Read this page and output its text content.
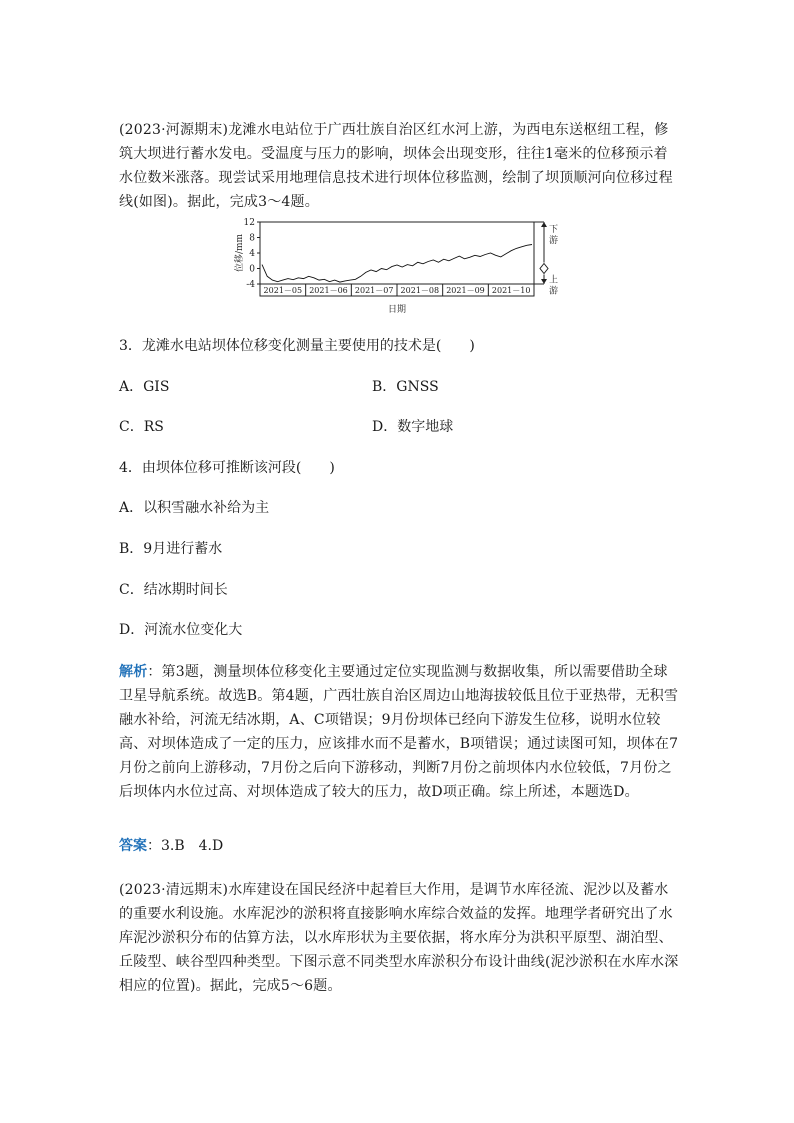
(2023·河源期末)龙滩水电站位于广西壮族自治区红水河上游，为西电东送枢纽工程，修筑大坝进行蓄水发电。受温度与压力的影响，坝体会出现变形，往往1毫米的位移预示着水位数米涨落。现尝试采用地理信息技术进行坝体位移监测，绘制了坝顶顺河向位移过程线(如图)。据此，完成3～4题。

12
8
4
0
-4
位移/mm
2021－05 2021－06 2021－07 2021－08 2021－09 2021－10
日期
下
游
上
游

3．龙滩水电站坝体位移变化测量主要使用的技术是(　　)

A．GIS	B．GNSS

C．RS	D．数字地球

4．由坝体位移可推断该河段(　　)

A．以积雪融水补给为主

B．9月进行蓄水

C．结冰期时间长

D．河流水位变化大

解析：第3题，测量坝体位移变化主要通过定位实现监测与数据收集，所以需要借助全球卫星导航系统。故选B。第4题，广西壮族自治区周边山地海拔较低且位于亚热带，无积雪融水补给，河流无结冰期，A、C项错误；9月份坝体已经向下游发生位移，说明水位较高、对坝体造成了一定的压力，应该排水而不是蓄水，B项错误；通过读图可知，坝体在7月份之前向上游移动，7月份之后向下游移动，判断7月份之前坝体内水位较低，7月份之后坝体内水位过高、对坝体造成了较大的压力，故D项正确。综上所述，本题选D。

答案：3.B　4.D

(2023·清远期末)水库建设在国民经济中起着巨大作用，是调节水库径流、泥沙以及蓄水的重要水利设施。水库泥沙的淤积将直接影响水库综合效益的发挥。地理学者研究出了水库泥沙淤积分布的估算方法，以水库形状为主要依据，将水库分为洪积平原型、湖泊型、丘陵型、峡谷型四种类型。下图示意不同类型水库淤积分布设计曲线(泥沙淤积在水库水深相应的位置)。据此，完成5～6题。
